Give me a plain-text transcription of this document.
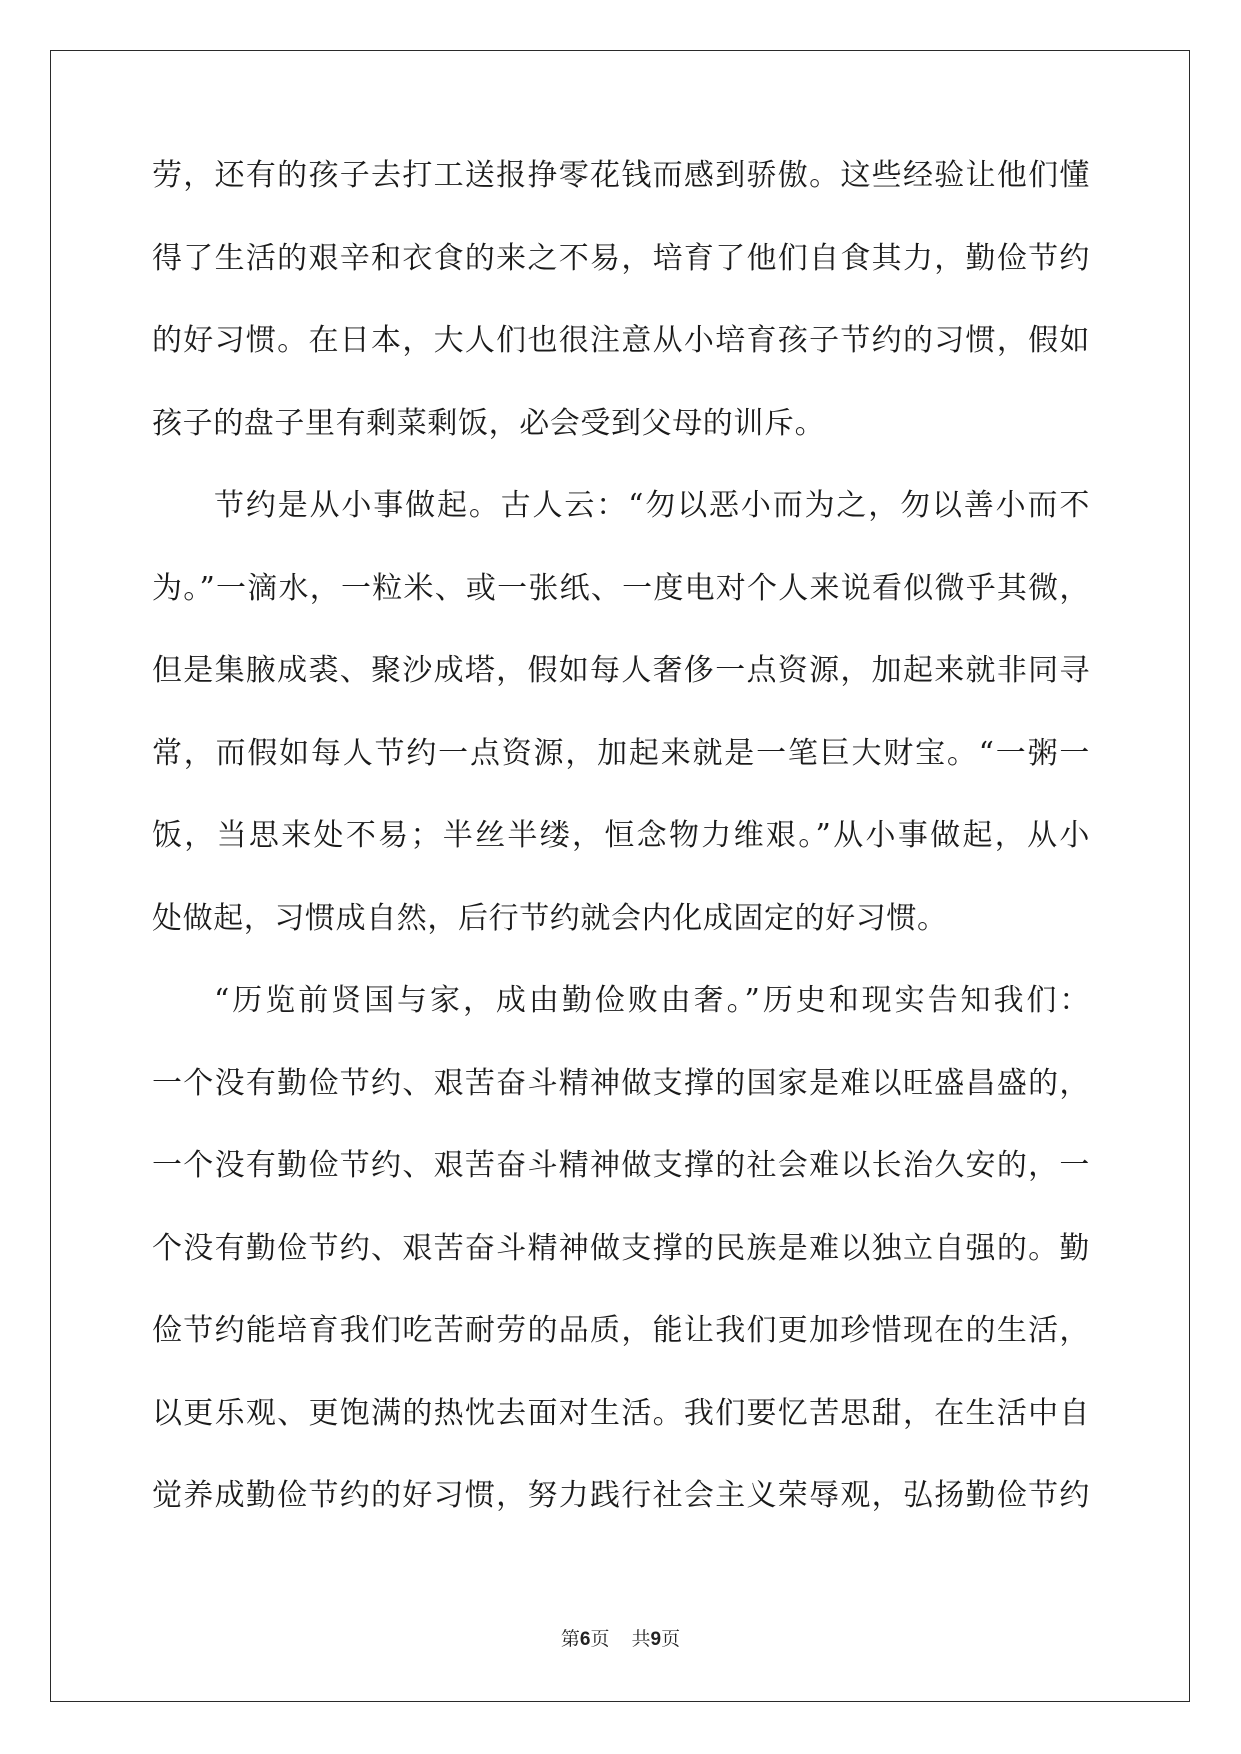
劳，还有的孩子去打工送报挣零花钱而感到骄傲。这些经验让他们懂
得了生活的艰辛和衣食的来之不易，培育了他们自食其力，勤俭节约
的好习惯。在日本，大人们也很注意从小培育孩子节约的习惯，假如
孩子的盘子里有剩菜剩饭，必会受到父母的训斥。
节约是从小事做起。古人云：“勿以恶小而为之，勿以善小而不
为。”一滴水，一粒米、或一张纸、一度电对个人来说看似微乎其微，
但是集腋成裘、聚沙成塔，假如每人奢侈一点资源，加起来就非同寻
常，而假如每人节约一点资源，加起来就是一笔巨大财宝。“一粥一
饭，当思来处不易；半丝半缕，恒念物力维艰。”从小事做起，从小
处做起，习惯成自然，后行节约就会内化成固定的好习惯。
“历览前贤国与家，成由勤俭败由奢。”历史和现实告知我们：
一个没有勤俭节约、艰苦奋斗精神做支撑的国家是难以旺盛昌盛的，
一个没有勤俭节约、艰苦奋斗精神做支撑的社会难以长治久安的，一
个没有勤俭节约、艰苦奋斗精神做支撑的民族是难以独立自强的。勤
俭节约能培育我们吃苦耐劳的品质，能让我们更加珍惜现在的生活，
以更乐观、更饱满的热忱去面对生活。我们要忆苦思甜，在生活中自
觉养成勤俭节约的好习惯，努力践行社会主义荣辱观，弘扬勤俭节约
第6页 共9页
